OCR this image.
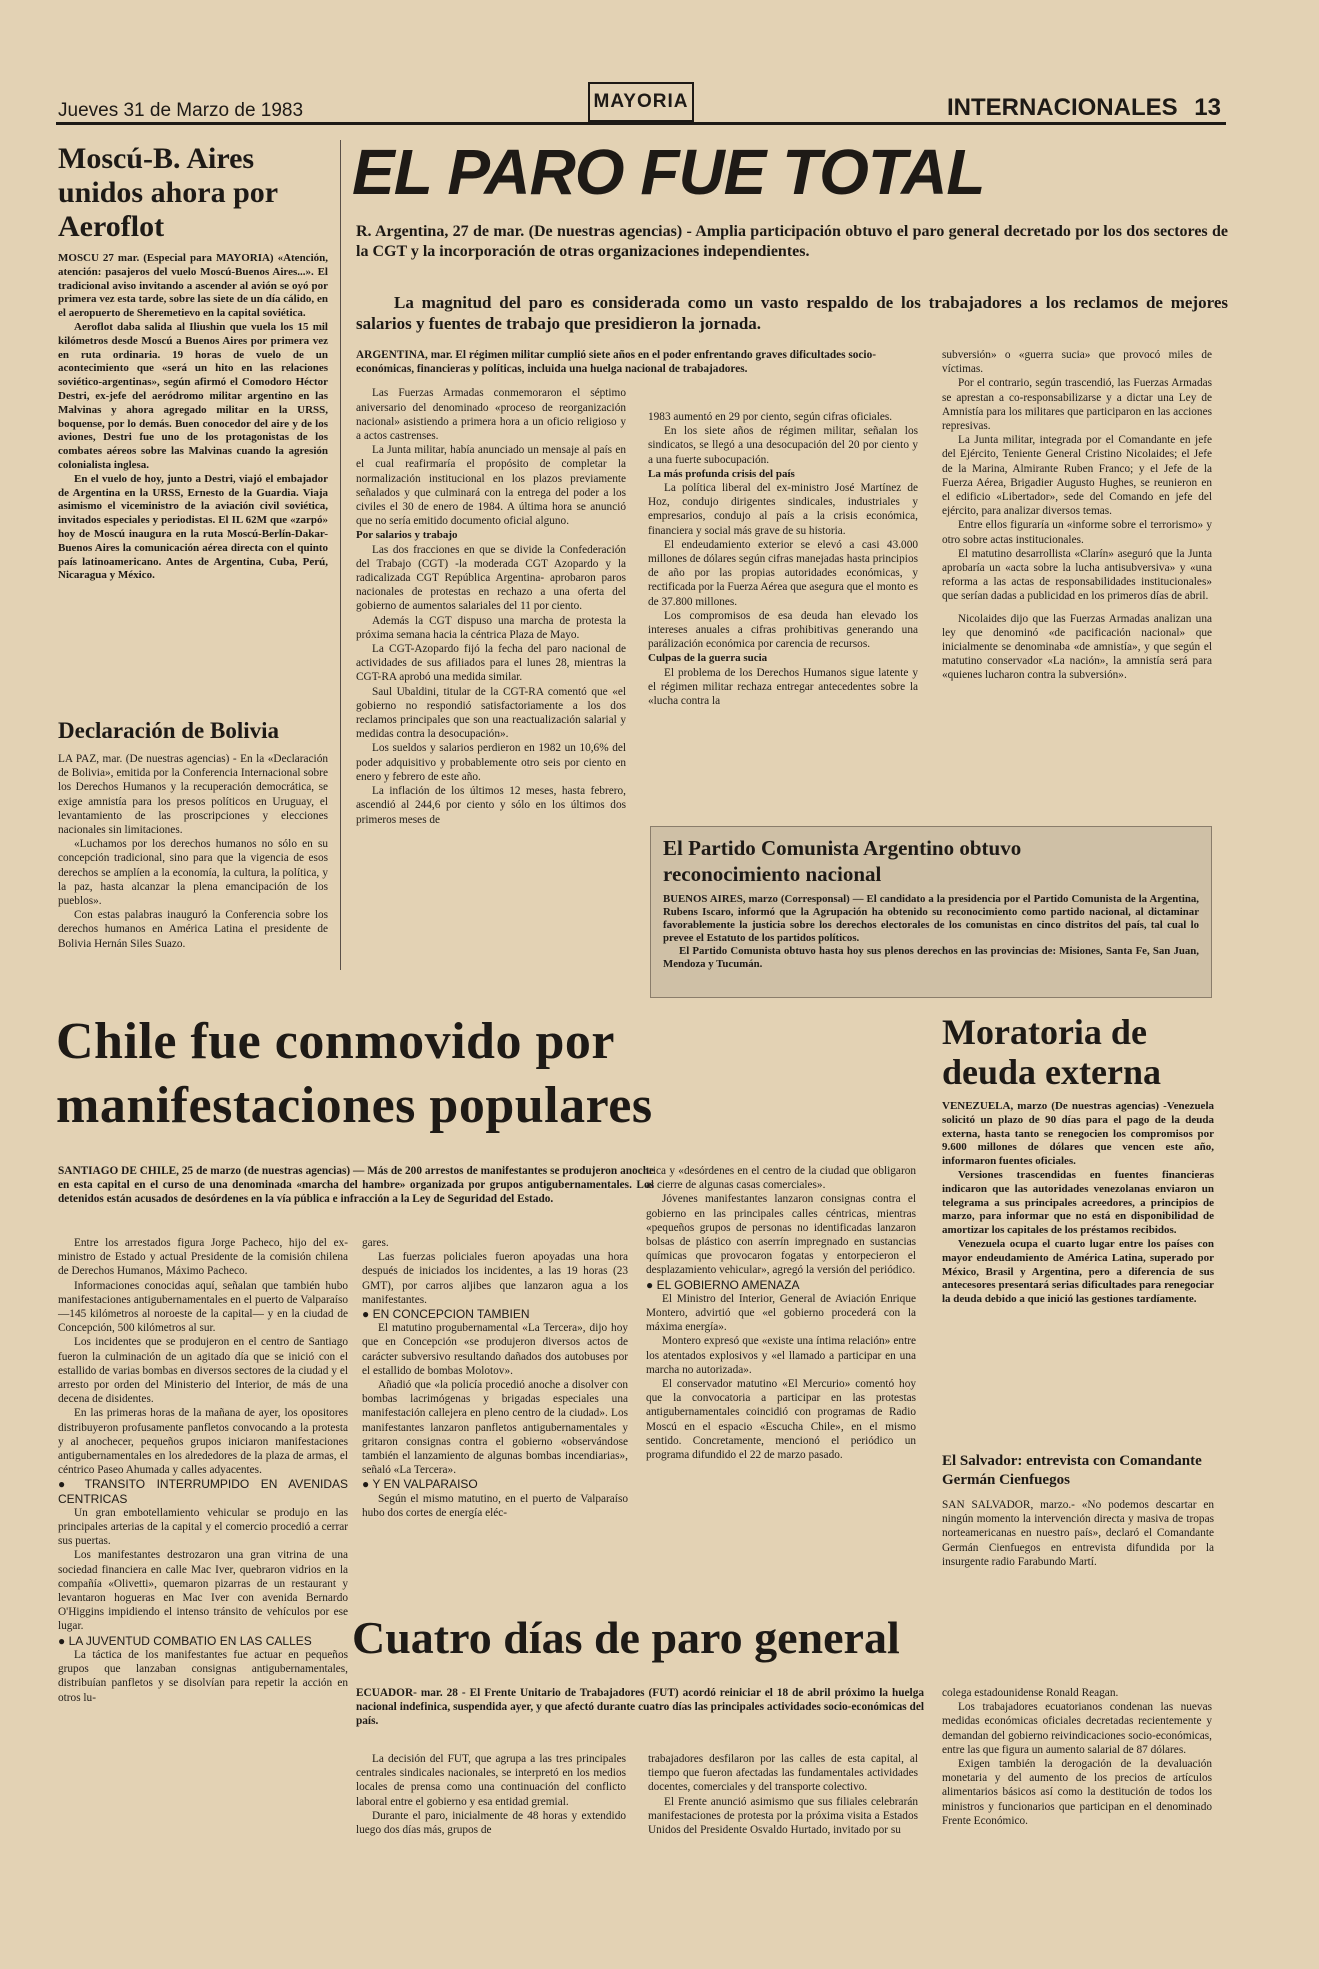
Jueves 31 de Marzo de 1983	MAYORIA	INTERNACIONALES 13
Moscú-B. Aires unidos ahora por Aeroflot

MOSCU 27 mar. (Especial para MAYORIA) «Atención, atención: pasajeros del vuelo Moscú-Buenos Aires...». El tradicional aviso invitando a ascender al avión se oyó por primera vez esta tarde, sobre las siete de un día cálido, en el aeropuerto de Sheremetievo en la capital soviética.

Aeroflot daba salida al Iliushin que vuela los 15 mil kilómetros desde Moscú a Buenos Aires por primera vez en ruta ordinaria. 19 horas de vuelo de un acontecimiento que «será un hito en las relaciones soviético-argentinas», según afirmó el Comodoro Héctor Destri, ex-jefe del aeródromo militar argentino en las Malvinas y ahora agregado militar en la URSS, boquense, por lo demás. Buen conocedor del aire y de los aviones, Destri fue uno de los protagonistas de los combates aéreos sobre las Malvinas cuando la agresión colonialista inglesa.

En el vuelo de hoy, junto a Destri, viajó el embajador de Argentina en la URSS, Ernesto de la Guardia. Viaja asimismo el viceministro de la aviación civil soviética, invitados especiales y periodistas. El IL 62M que «zarpó» hoy de Moscú inaugura en la ruta Moscú-Berlín-Dakar-Buenos Aires la comunicación aérea directa con el quinto país latinoamericano. Antes de Argentina, Cuba, Perú, Nicaragua y México.

Declaración de Bolivia

LA PAZ, mar. (De nuestras agencias) - En la «Declaración de Bolivia», emitida por la Conferencia Internacional sobre los Derechos Humanos y la recuperación democrática, se exige amnistía para los presos políticos en Uruguay, el levantamiento de las proscripciones y elecciones nacionales sin limitaciones.

«Luchamos por los derechos humanos no sólo en su concepción tradicional, sino para que la vigencia de esos derechos se amplíen a la economía, la cultura, la política, y la paz, hasta alcanzar la plena emancipación de los pueblos».

Con estas palabras inauguró la Conferencia sobre los derechos humanos en América Latina el presidente de Bolivia Hernán Siles Suazo.

EL PARO FUE TOTAL
R. Argentina, 27 de mar. (De nuestras agencias) - Amplia participación obtuvo el paro general decretado por los dos sectores de la CGT y la incorporación de otras organizaciones independientes.
La magnitud del paro es considerada como un vasto respaldo de los trabajadores a los reclamos de mejores salarios y fuentes de trabajo que presidieron la jornada.

ARGENTINA, mar. El régimen militar cumplió siete años en el poder enfrentando graves dificultades socio-económicas, financieras y políticas, incluida una huelga nacional de trabajadores.

Las Fuerzas Armadas conmemoraron el séptimo aniversario del denominado «proceso de reorganización nacional» asistiendo a primera hora a un oficio religioso y a actos castrenses.

La Junta militar, había anunciado un mensaje al país en el cual reafirmaría el propósito de completar la normalización institucional en los plazos previamente señalados y que culminará con la entrega del poder a los civiles el 30 de enero de 1984. A última hora se anunció que no sería emitido documento oficial alguno.

Por salarios y trabajo

Las dos fracciones en que se divide la Confederación del Trabajo (CGT) -la moderada CGT Azopardo y la radicalizada CGT República Argentina- aprobaron paros nacionales de protestas en rechazo a una oferta del gobierno de aumentos salariales del 11 por ciento.

Además la CGT dispuso una marcha de protesta la próxima semana hacia la céntrica Plaza de Mayo.

La CGT-Azopardo fijó la fecha del paro nacional de actividades de sus afiliados para el lunes 28, mientras la CGT-RA aprobó una medida similar.

Saul Ubaldini, titular de la CGT-RA comentó que «el gobierno no respondió satisfactoriamente a los dos reclamos principales que son una reactualización salarial y medidas contra la desocupación».

Los sueldos y salarios perdieron en 1982 un 10,6% del poder adquisitivo y probablemente otro seis por ciento en enero y febrero de este año.

La inflación de los últimos 12 meses, hasta febrero, ascendió al 244,6 por ciento y sólo en los últimos dos primeros meses de

1983 aumentó en 29 por ciento, según cifras oficiales.

En los siete años de régimen militar, señalan los sindicatos, se llegó a una desocupación del 20 por ciento y a una fuerte subocupación.

La más profunda crisis del país

La política liberal del ex-ministro José Martínez de Hoz, condujo dirigentes sindicales, industriales y empresarios, condujo al país a la crisis económica, financiera y social más grave de su historia.

El endeudamiento exterior se elevó a casi 43.000 millones de dólares según cifras manejadas hasta principios de año por las propias autoridades económicas, y rectificada por la Fuerza Aérea que asegura que el monto es de 37.800 millones.

Los compromisos de esa deuda han elevado los intereses anuales a cifras prohibitivas generando una parálización económica por carencia de recursos.

Culpas de la guerra sucia

El problema de los Derechos Humanos sigue latente y el régimen militar rechaza entregar antecedentes sobre la «lucha contra la

subversión» o «guerra sucia» que provocó miles de víctimas.

Por el contrario, según trascendió, las Fuerzas Armadas se aprestan a co-responsabilizarse y a dictar una Ley de Amnistía para los militares que participaron en las acciones represivas.

La Junta militar, integrada por el Comandante en jefe del Ejército, Teniente General Cristino Nicolaides; el Jefe de la Marina, Almirante Ruben Franco; y el Jefe de la Fuerza Aérea, Brigadier Augusto Hughes, se reunieron en el edificio «Libertador», sede del Comando en jefe del ejército, para analizar diversos temas.

Entre ellos figuraría un «informe sobre el terrorismo» y otro sobre actas institucionales.

El matutino desarrollista «Clarín» aseguró que la Junta aprobaría un «acta sobre la lucha antisubversiva» y «una reforma a las actas de responsabilidades institucionales» que serían dadas a publicidad en los primeros días de abril.

Nicolaides dijo que las Fuerzas Armadas analizan una ley que denominó «de pacificación nacional» que inicialmente se denominaba «de amnistía», y que según el matutino conservador «La nación», la amnistía será para «quienes lucharon contra la subversión».

El Partido Comunista Argentino obtuvo reconocimiento nacional

BUENOS AIRES, marzo (Corresponsal) — El candidato a la presidencia por el Partido Comunista de la Argentina, Rubens Iscaro, informó que la Agrupación ha obtenido su reconocimiento como partido nacional, al dictaminar favorablemente la justicia sobre los derechos electorales de los comunistas en cinco distritos del país, tal cual lo prevee el Estatuto de los partidos políticos.

El Partido Comunista obtuvo hasta hoy sus plenos derechos en las provincias de: Misiones, Santa Fe, San Juan, Mendoza y Tucumán.

Chile fue conmovido por manifestaciones populares
SANTIAGO DE CHILE, 25 de marzo (de nuestras agencias) — Más de 200 arrestos de manifestantes se produjeron anoche en esta capital en el curso de una denominada «marcha del hambre» organizada por grupos antigubernamentales. Los detenidos están acusados de desórdenes en la vía pública e infracción a la Ley de Seguridad del Estado.

Entre los arrestados figura Jorge Pacheco, hijo del ex-ministro de Estado y actual Presidente de la comisión chilena de Derechos Humanos, Máximo Pacheco.

Informaciones conocidas aquí, señalan que también hubo manifestaciones antigubernamentales en el puerto de Valparaíso —145 kilómetros al noroeste de la capital— y en la ciudad de Concepción, 500 kilómetros al sur.

Los incidentes que se produjeron en el centro de Santiago fueron la culminación de un agitado día que se inició con el estallido de varias bombas en diversos sectores de la ciudad y el arresto por orden del Ministerio del Interior, de más de una decena de disidentes.

En las primeras horas de la mañana de ayer, los opositores distribuyeron profusamente panfletos convocando a la protesta y al anochecer, pequeños grupos iniciaron manifestaciones antigubernamentales en los alrededores de la plaza de armas, el céntrico Paseo Ahumada y calles adyacentes.

● TRANSITO INTERRUMPIDO EN AVENIDAS CENTRICAS

Un gran embotellamiento vehicular se produjo en las principales arterias de la capital y el comercio procedió a cerrar sus puertas.

Los manifestantes destrozaron una gran vitrina de una sociedad financiera en calle Mac Iver, quebraron vidrios en la compañía «Olivetti», quemaron pizarras de un restaurant y levantaron hogueras en Mac Iver con avenida Bernardo O'Higgins impidiendo el intenso tránsito de vehículos por ese lugar.

● LA JUVENTUD COMBATIO EN LAS CALLES

La táctica de los manifestantes fue actuar en pequeños grupos que lanzaban consignas antigubernamentales, distribuían panfletos y se disolvían para repetir la acción en otros lu-

gares.

Las fuerzas policiales fueron apoyadas una hora después de iniciados los incidentes, a las 19 horas (23 GMT), por carros aljibes que lanzaron agua a los manifestantes.

● EN CONCEPCION TAMBIEN

El matutino progubernamental «La Tercera», dijo hoy que en Concepción «se produjeron diversos actos de carácter subversivo resultando dañados dos autobuses por el estallido de bombas Molotov».

Añadió que «la policía procedió anoche a disolver con bombas lacrimógenas y brigadas especiales una manifestación callejera en pleno centro de la ciudad». Los manifestantes lanzaron panfletos antigubernamentales y gritaron consignas contra el gobierno «observándose también el lanzamiento de algunas bombas incendiarias», señaló «La Tercera».

● Y EN VALPARAISO

Según el mismo matutino, en el puerto de Valparaíso hubo dos cortes de energía eléc-

trica y «desórdenes en el centro de la ciudad que obligaron al cierre de algunas casas comerciales».

Jóvenes manifestantes lanzaron consignas contra el gobierno en las principales calles céntricas, mientras «pequeños grupos de personas no identificadas lanzaron bolsas de plástico con aserrín impregnado en sustancias químicas que provocaron fogatas y entorpecieron el desplazamiento vehicular», agregó la versión del periódico.

● EL GOBIERNO AMENAZA

El Ministro del Interior, General de Aviación Enrique Montero, advirtió que «el gobierno procederá con la máxima energía».

Montero expresó que «existe una íntima relación» entre los atentados explosivos y «el llamado a participar en una marcha no autorizada».

El conservador matutino «El Mercurio» comentó hoy que la convocatoria a participar en las protestas antigubernamentales coincidió con programas de Radio Moscú en el espacio «Escucha Chile», en el mismo sentido. Concretamente, mencionó el periódico un programa difundido el 22 de marzo pasado.

Moratoria de deuda externa

VENEZUELA, marzo (De nuestras agencias) -Venezuela solicitó un plazo de 90 días para el pago de la deuda externa, hasta tanto se renegocien los compromisos por 9.600 millones de dólares que vencen este año, informaron fuentes oficiales.

Versiones trascendidas en fuentes financieras indicaron que las autoridades venezolanas enviaron un telegrama a sus principales acreedores, a principios de marzo, para informar que no está en disponibilidad de amortizar los capitales de los préstamos recibidos.

Venezuela ocupa el cuarto lugar entre los países con mayor endeudamiento de América Latina, superado por México, Brasil y Argentina, pero a diferencia de sus antecesores presentará serias dificultades para renegociar la deuda debido a que inició las gestiones tardíamente.

El Salvador: entrevista con Comandante Germán Cienfuegos

SAN SALVADOR, marzo.- «No podemos descartar en ningún momento la intervención directa y masiva de tropas norteamericanas en nuestro país», declaró el Comandante Germán Cienfuegos en entrevista difundida por la insurgente radio Farabundo Martí.

Cuatro días de paro general
ECUADOR- mar. 28 - El Frente Unitario de Trabajadores (FUT) acordó reiniciar el 18 de abril próximo la huelga nacional indefinica, suspendida ayer, y que afectó durante cuatro días las principales actividades socio-económicas del país.

La decisión del FUT, que agrupa a las tres principales centrales sindicales nacionales, se interpretó en los medios locales de prensa como una continuación del conflicto laboral entre el gobierno y esa entidad gremial.

Durante el paro, inicialmente de 48 horas y extendido luego dos días más, grupos de

trabajadores desfilaron por las calles de esta capital, al tiempo que fueron afectadas las fundamentales actividades docentes, comerciales y del transporte colectivo.

El Frente anunció asimismo que sus filiales celebrarán manifestaciones de protesta por la próxima visita a Estados Unidos del Presidente Osvaldo Hurtado, invitado por su

colega estadounidense Ronald Reagan.

Los trabajadores ecuatorianos condenan las nuevas medidas económicas oficiales decretadas recientemente y demandan del gobierno reivindicaciones socio-económicas, entre las que figura un aumento salarial de 87 dólares.

Exigen también la derogación de la devaluación monetaria y del aumento de los precios de artículos alimentarios básicos así como la destitución de todos los ministros y funcionarios que participan en el denominado Frente Económico.
